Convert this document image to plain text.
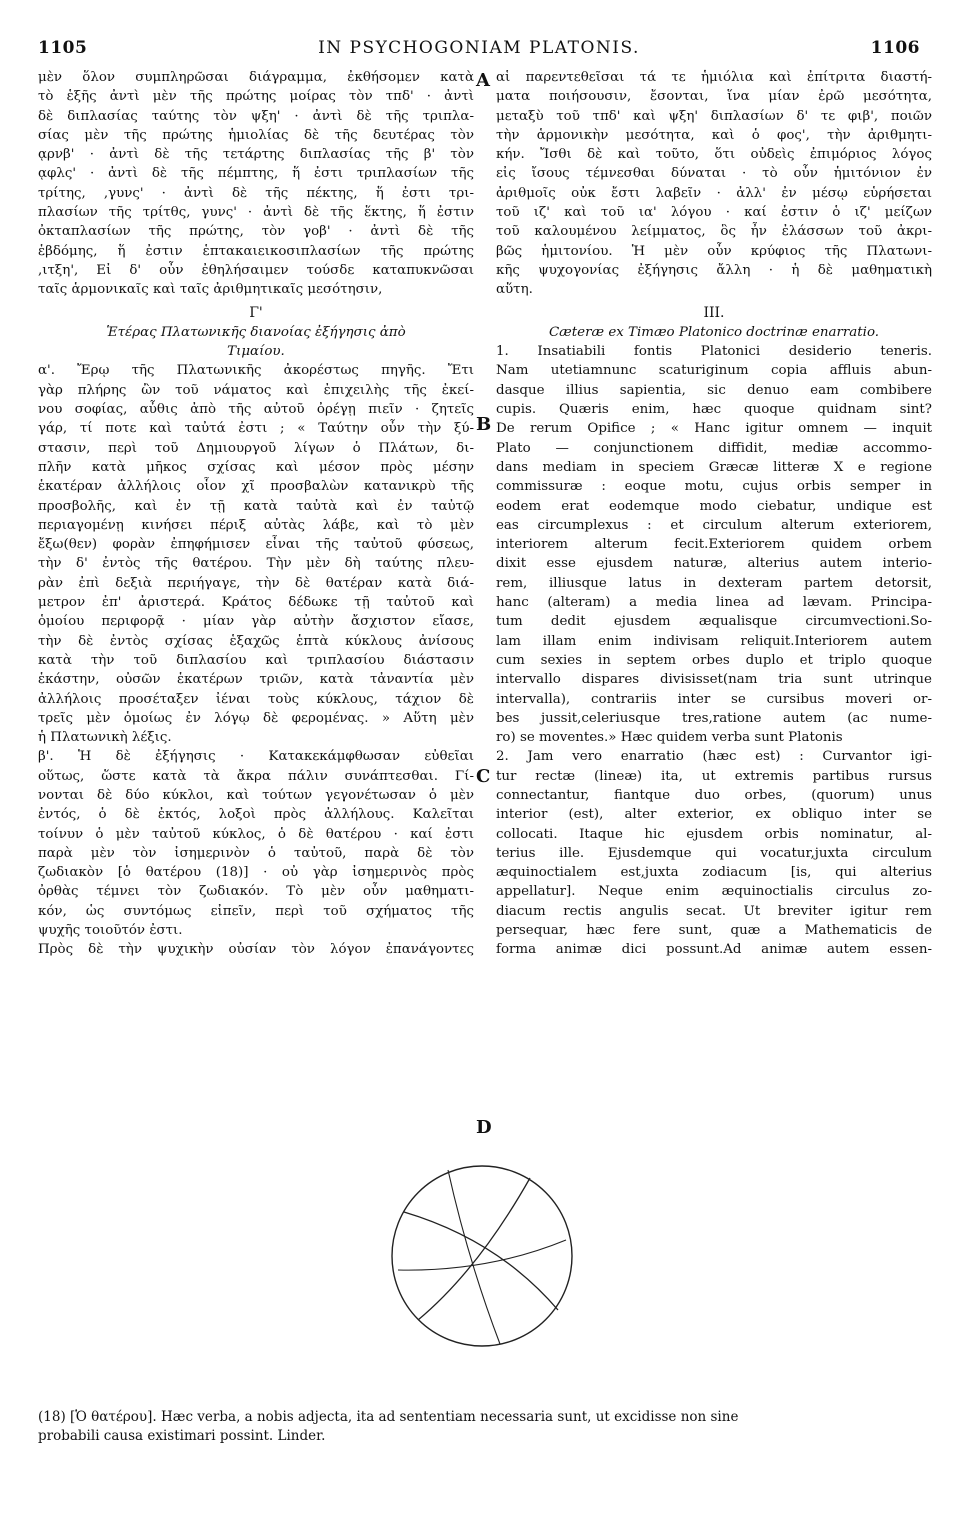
1105	IN PSYCHOGONIAM PLATONIS.	1106
A
B
C
D
μὲν ὅλον συμπληρῶσαι διάγραμμα, ἐκθήσομεν κατὰ
τὸ ἑξῆς ἀντὶ μὲν τῆς πρώτης μοίρας τὸν τπδ' · ἀντὶ
δὲ διπλασίας ταύτης τὸν ψξη' · ἀντὶ δὲ τῆς τριπλα-
σίας μὲν τῆς πρώτης ἡμιολίας δὲ τῆς δευτέρας τὸν
ᾳρνβ' · ἀντὶ δὲ τῆς τετάρτης διπλασίας τῆς β' τὸν
ᾳφλς' · ἀντὶ δὲ τῆς πέμπτης, ἥ ἐστι τριπλασίων τῆς
τρίτης, ,γυνς' · ἀντὶ δὲ τῆς πέκτης, ἥ ἐστι τρι-
πλασίων τῆς τρίτθς, γυνς' · ἀντὶ δὲ τῆς ἕκτης, ἥ ἐστιν
ὀκταπλασίων τῆς πρώτης, τὸν γοβ' · ἀντὶ δὲ τῆς
ἑβδόμης, ἥ ἐστιν ἑπτακαιεικοσιπλασίων τῆς πρώτης
,ιτξη', Εἰ δ' οὖν ἐθηλήσαιμεν τούσδε καταπυκνῶσαι
ταῖς ἁρμονικαῖς καὶ ταῖς ἀριθμητικαῖς μεσότησιν,
Γ'
Ἑτέρας Πλατωνικῆς διανοίας ἐξήγησις ἀπὸ
Τιμαίου.
α'. Ἔρῳ τῆς Πλατωνικῆς ἀκορέστως πηγῆς. Ἔτι
γὰρ πλήρης ὢν τοῦ νάματος καὶ ἐπιχειλὴς τῆς ἐκεί-
νου σοφίας, αὖθις ἀπὸ τῆς αὐτοῦ ὀρέγῃ πιεῖν · ζητεῖς
γάρ, τί ποτε καὶ ταὐτά ἐστι ; « Ταύτην οὖν τὴν ξύ-
στασιν, περὶ τοῦ Δημιουργοῦ λίγων ὁ Πλάτων, δι-
πλῆν κατὰ μῆκος σχίσας καὶ μέσον πρὸς μέσην
ἑκατέραν ἀλλήλοις οἷον χῖ προσβαλὼν κατανικρὺ τῆς
προσβολῆς, καὶ ἐν τῇ κατὰ ταὐτὰ καὶ ἐν ταὐτῷ
περιαγομένῃ κινήσει πέριξ αὐτὰς λάβε, καὶ τὸ μὲν
ἔξω(θεν) φορὰν ἐπηφήμισεν εἶναι τῆς ταὐτοῦ φύσεως,
τὴν δ' ἐντὸς τῆς θατέρου. Τὴν μὲν δὴ ταύτης πλευ-
ρὰν ἐπὶ δεξιὰ περιήγαγε, τὴν δὲ θατέραν κατὰ διά-
μετρον ἐπ' ἀριστερά. Κράτος δέδωκε τῇ ταὐτοῦ καὶ
ὁμοίου περιφορᾷ · μίαν γὰρ αὐτὴν ἄσχιστον εἴασε,
τὴν δὲ ἐντὸς σχίσας ἑξαχῶς ἑπτὰ κύκλους ἀνίσους
κατὰ τὴν τοῦ διπλασίου καὶ τριπλασίου διάστασιν
ἑκάστην, οὐσῶν ἑκατέρων τριῶν, κατὰ τἀναντία μὲν
ἀλλήλοις προσέταξεν ἰέναι τοὺς κύκλους, τάχιον δὲ
τρεῖς μὲν ὁμοίως ἐν λόγῳ δὲ φερομένας. » Αὕτη μὲν
ἡ Πλατωνικὴ λέξις.
β'. Ἡ δὲ ἐξήγησις · Κατακεκάμφθωσαν εὐθεῖαι
οὕτως, ὥστε κατὰ τὰ ἄκρα πάλιν συνάπτεσθαι. Γί-
νονται δὲ δύο κύκλοι, καὶ τούτων γεγονέτωσαν ὁ μὲν
ἐντός, ὁ δὲ ἐκτός, λοξοὶ πρὸς ἀλλήλους. Καλεῖται
τοίνυν ὁ μὲν ταὐτοῦ κύκλος, ὁ δὲ θατέρου · καί ἐστι
παρὰ μὲν τὸν ἰσημερινὸν ὁ ταὐτοῦ, παρὰ δὲ τὸν
ζωδιακὸν [ὁ θατέρου (18)] · οὐ γὰρ ἰσημερινὸς πρὸς
ὀρθὰς τέμνει τὸν ζωδιακόν. Τὸ μὲν οὖν μαθηματι-
κόν, ὡς συντόμως εἰπεῖν, περὶ τοῦ σχήματος τῆς
ψυχῆς τοιοῦτόν ἐστι.
Πρὸς δὲ τὴν ψυχικὴν οὐσίαν τὸν λόγον ἐπανάγοντες
αἱ παρεντεθεῖσαι τά τε ἡμιόλια καὶ ἐπίτριτα διαστή-
ματα ποιήσουσιν, ἔσονται, ἵνα μίαν ἐρῶ μεσότητα,
μεταξὺ τοῦ τπδ' καὶ ψξη' διπλασίων δ' τε φιβ', ποιῶν
τὴν ἁρμονικὴν μεσότητα, καὶ ὁ φος', τὴν ἀριθμητι-
κήν. Ἴσθι δὲ καὶ τοῦτο, ὅτι οὐδεὶς ἐπιμόριος λόγος
εἰς ἴσους τέμνεσθαι δύναται · τὸ οὖν ἡμιτόνιον ἐν
ἀριθμοῖς οὐκ ἔστι λαβεῖν · ἀλλ' ἐν μέσῳ εὑρήσεται
τοῦ ιζ' καὶ τοῦ ια' λόγου · καί ἐστιν ὁ ιζ' μείζων
τοῦ καλουμένου λείμματος, ὃς ἦν ἐλάσσων τοῦ ἀκρι-
βῶς ἡμιτονίου. Ἡ μὲν οὖν κρύφιος τῆς Πλατωνι-
κῆς ψυχογονίας ἐξήγησις ἄλλη · ἡ δὲ μαθηματικὴ
αὕτη.
III.
Cæteræ ex Timæo Platonico doctrinæ enarratio.
1. Insatiabili fontis Platonici desiderio teneris.
Nam utetiamnunc scaturiginum copia affluis abun-
dasque illius sapientia, sic denuo eam combibere
cupis. Quæris enim, hæc quoque quidnam sint?
De rerum Opifice ; « Hanc igitur omnem — inquit
Plato — conjunctionem diffidit, mediæ accommo-
dans mediam in speciem Græcæ litteræ X e regione
commissuræ : eoque motu, cujus orbis semper in
eodem erat eodemque modo ciebatur, undique est
eas circumplexus : et circulum alterum exteriorem,
interiorem alterum fecit.Exteriorem quidem orbem
dixit esse ejusdem naturæ, alterius autem interio-
rem, illiusque latus in dexteram partem detorsit,
hanc (alteram) a media linea ad lævam. Principa-
tum dedit ejusdem æqualisque circumvectioni.So-
lam illam enim indivisam reliquit.Interiorem autem
cum sexies in septem orbes duplo et triplo quoque
intervallo dispares divisisset(nam tria sunt utrinque
intervalla), contrariis inter se cursibus moveri or-
bes jussit,celeriusque tres,ratione autem (ac nume-
ro) se moventes.» Hæc quidem verba sunt Platonis
2. Jam vero enarratio (hæc est) : Curvantor igi-
tur rectæ (lineæ) ita, ut extremis partibus rursus
connectantur, fiantque duo orbes, (quorum) unus
interior (est), alter exterior, ex obliquo inter se
collocati. Itaque hic ejusdem orbis nominatur, al-
terius ille. Ejusdemque qui vocatur,juxta circulum
æquinoctialem est,juxta zodiacum [is, qui alterius
appellatur]. Neque enim æquinoctialis circulus zo-
diacum rectis angulis secat. Ut breviter igitur rem
persequar, hæc fere sunt, quæ a Mathematicis de
forma animæ dici possunt.Ad animæ autem essen-
(18) [Ὁ θατέρου]. Hæc verba, a nobis adjecta, ita ad sententiam necessaria sunt, ut excidisse non sine
probabili causa existimari possint. Linder.
